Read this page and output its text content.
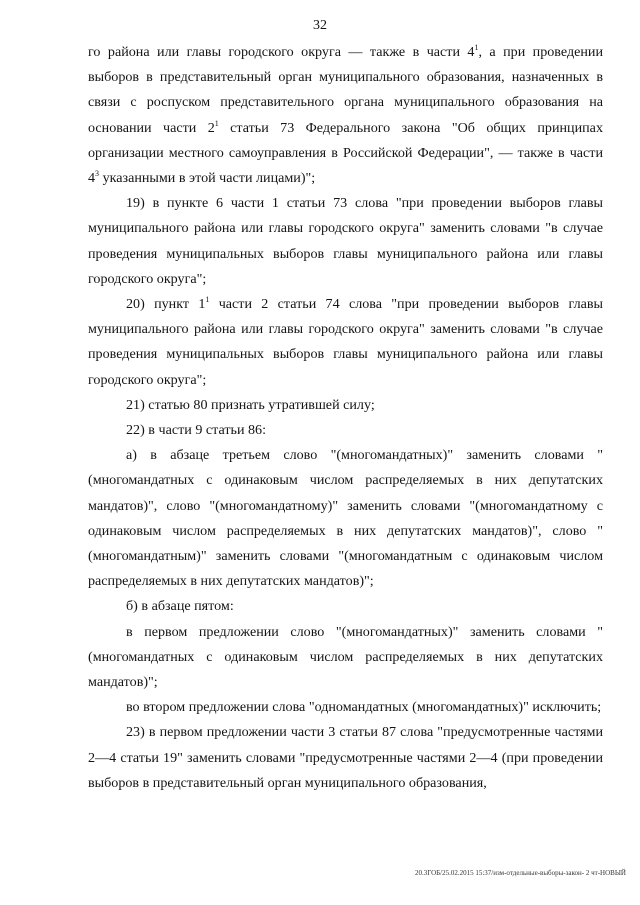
32

го района или главы городского округа — также в части $4^1$, а при проведении выборов в представительный орган муниципального образования, назначенных в связи с роспуском представительного органа муниципального образования на основании части $2^1$ статьи 73 Федерального закона "Об общих принципах организации местного самоуправления в Российской Федерации", — также в части $4^3$ указанными в этой части лицами)";

19) в пункте 6 части 1 статьи 73 слова "при проведении выборов главы муниципального района или главы городского округа" заменить словами "в случае проведения муниципальных выборов главы муниципального района или главы городского округа";

20) пункт $1^1$ части 2 статьи 74 слова "при проведении выборов главы муниципального района или главы городского округа" заменить словами "в случае проведения муниципальных выборов главы муниципального района или главы городского округа";

21) статью 80 признать утратившей силу;

22) в части 9 статьи 86:

а) в абзаце третьем слово "(многомандатных)" заменить словами "(многомандатных с одинаковым числом распределяемых в них депутатских мандатов)", слово "(многомандатному)" заменить словами "(многомандатному с одинаковым числом распределяемых в них депутатских мандатов)", слово "(многомандатным)" заменить словами "(многомандатным с одинаковым числом распределяемых в них депутатских мандатов)";

б) в абзаце пятом:

в первом предложении слово "(многомандатных)" заменить словами "(многомандатных с одинаковым числом распределяемых в них депутатских мандатов)";

во втором предложении слова "одномандатных (многомандатных)" исключить;

23) в первом предложении части 3 статьи 87 слова "предусмотренные частями 2—4 статьи 19" заменить словами "предусмотренные частями 2—4 (при проведении выборов в представительный орган муниципального образования,

20.3ГОБ/25.02.2015 15:37/изм-отдельные-выборы-закон- 2 чт-НОВЫЙ
